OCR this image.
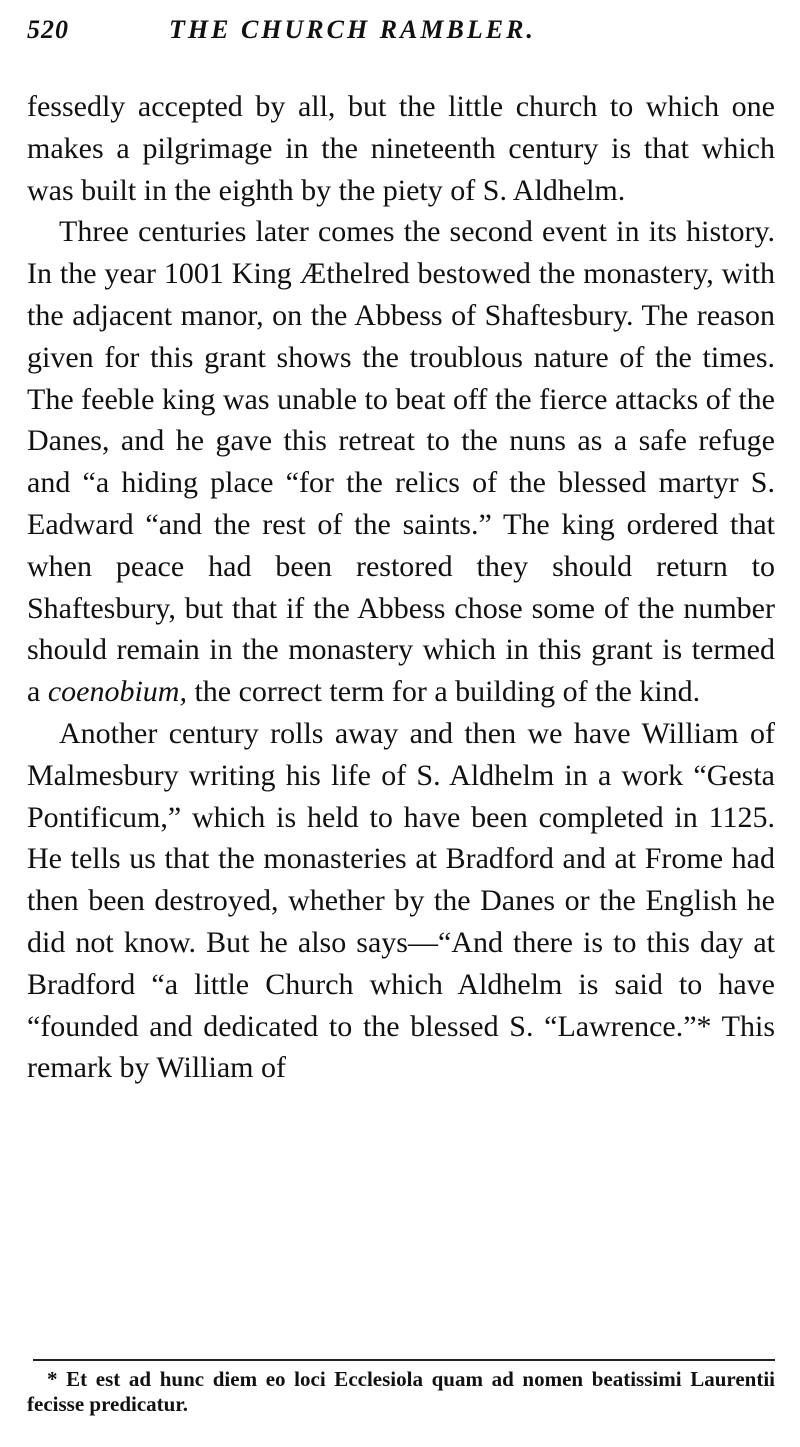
520	THE CHURCH RAMBLER.

fessedly accepted by all, but the little church to which one makes a pilgrimage in the nineteenth century is that which was built in the eighth by the piety of S. Aldhelm.

Three centuries later comes the second event in its history. In the year 1001 King Æthelred bestowed the monastery, with the adjacent manor, on the Abbess of Shaftesbury. The reason given for this grant shows the troublous nature of the times. The feeble king was unable to beat off the fierce attacks of the Danes, and he gave this retreat to the nuns as a safe refuge and “a hiding place “for the relics of the blessed martyr S. Eadward “and the rest of the saints.” The king ordered that when peace had been restored they should return to Shaftesbury, but that if the Abbess chose some of the number should remain in the monastery which in this grant is termed a coenobium, the correct term for a building of the kind.

Another century rolls away and then we have William of Malmesbury writing his life of S. Aldhelm in a work “Gesta Pontificum,” which is held to have been completed in 1125. He tells us that the monasteries at Bradford and at Frome had then been destroyed, whether by the Danes or the English he did not know. But he also says—“And there is to this day at Bradford “a little Church which Aldhelm is said to have “founded and dedicated to the blessed S. “Lawrence.”* This remark by William of

* Et est ad hunc diem eo loci Ecclesiola quam ad nomen beatissimi Laurentii fecisse predicatur.
